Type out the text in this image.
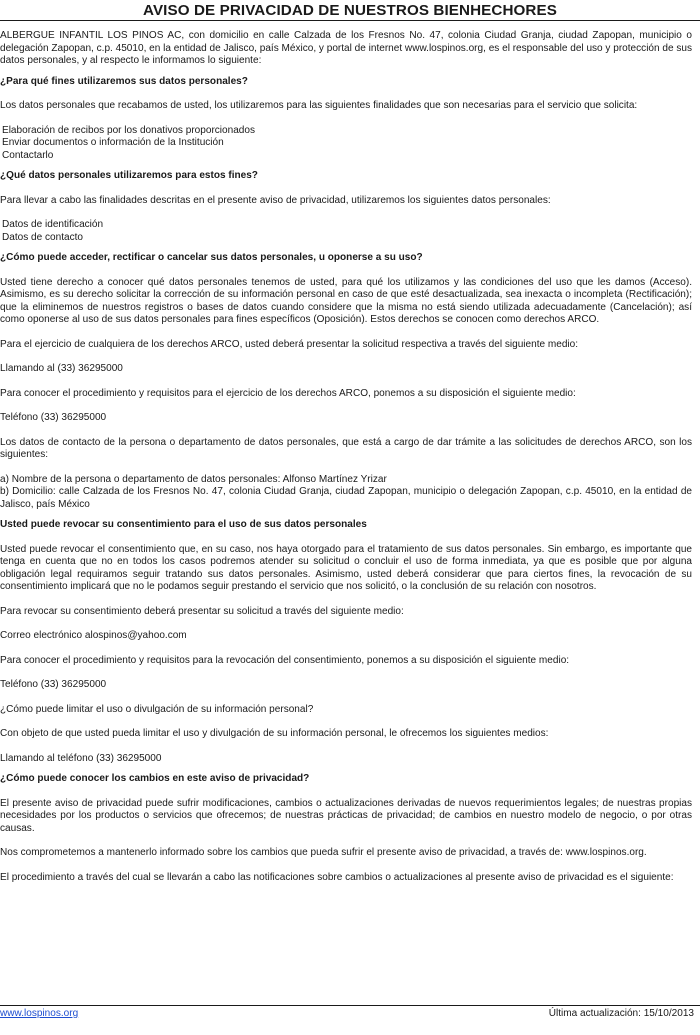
AVISO DE PRIVACIDAD DE NUESTROS BIENHECHORES

ALBERGUE INFANTIL LOS PINOS AC, con domicilio en calle Calzada de los Fresnos No. 47, colonia Ciudad Granja, ciudad Zapopan, municipio o delegación Zapopan, c.p. 45010, en la entidad de Jalisco, país México, y portal de internet www.lospinos.org, es el responsable del uso y protección de sus datos personales, y al respecto le informamos lo siguiente:

¿Para qué fines utilizaremos sus datos personales?

Los datos personales que recabamos de usted, los utilizaremos para las siguientes finalidades que son necesarias para el servicio que solicita:

Elaboración de recibos por los donativos proporcionados
Enviar documentos o información de la Institución
Contactarlo

¿Qué datos personales utilizaremos para estos fines?

Para llevar a cabo las finalidades descritas en el presente aviso de privacidad, utilizaremos los siguientes datos personales:

Datos de identificación
Datos de contacto

¿Cómo puede acceder, rectificar o cancelar sus datos personales, u oponerse a su uso?

Usted tiene derecho a conocer qué datos personales tenemos de usted, para qué los utilizamos y las condiciones del uso que les damos (Acceso). Asimismo, es su derecho solicitar la corrección de su información personal en caso de que esté desactualizada, sea inexacta o incompleta (Rectificación); que la eliminemos de nuestros registros o bases de datos cuando considere que la misma no está siendo utilizada adecuadamente (Cancelación); así como oponerse al uso de sus datos personales para fines específicos (Oposición). Estos derechos se conocen como derechos ARCO.

Para el ejercicio de cualquiera de los derechos ARCO, usted deberá presentar la solicitud respectiva a través del siguiente medio:

Llamando al (33) 36295000

Para conocer el procedimiento y requisitos para el ejercicio de los derechos ARCO, ponemos a su disposición el siguiente medio:

Teléfono (33) 36295000

Los datos de contacto de la persona o departamento de datos personales, que está a cargo de dar trámite a las solicitudes de derechos ARCO, son los siguientes:

a) Nombre de la persona o departamento de datos personales: Alfonso Martínez Yrizar

b) Domicilio: calle Calzada de los Fresnos No. 47, colonia Ciudad Granja, ciudad Zapopan, municipio o delegación Zapopan, c.p. 45010, en la entidad de Jalisco, país México

Usted puede revocar su consentimiento para el uso de sus datos personales

Usted puede revocar el consentimiento que, en su caso, nos haya otorgado para el tratamiento de sus datos personales. Sin embargo, es importante que tenga en cuenta que no en todos los casos podremos atender su solicitud o concluir el uso de forma inmediata, ya que es posible que por alguna obligación legal requiramos seguir tratando sus datos personales. Asimismo, usted deberá considerar que para ciertos fines, la revocación de su consentimiento implicará que no le podamos seguir prestando el servicio que nos solicitó, o la conclusión de su relación con nosotros.

Para revocar su consentimiento deberá presentar su solicitud a través del siguiente medio:

Correo electrónico alospinos@yahoo.com

Para conocer el procedimiento y requisitos para la revocación del consentimiento, ponemos a su disposición el siguiente medio:

Teléfono (33) 36295000

¿Cómo puede limitar el uso o divulgación de su información personal?

Con objeto de que usted pueda limitar el uso y divulgación de su información personal, le ofrecemos los siguientes medios:

Llamando al teléfono (33) 36295000

¿Cómo puede conocer los cambios en este aviso de privacidad?

El presente aviso de privacidad puede sufrir modificaciones, cambios o actualizaciones derivadas de nuevos requerimientos legales; de nuestras propias necesidades por los productos o servicios que ofrecemos; de nuestras prácticas de privacidad; de cambios en nuestro modelo de negocio, o por otras causas.

Nos comprometemos a mantenerlo informado sobre los cambios que pueda sufrir el presente aviso de privacidad, a través de: www.lospinos.org.

El procedimiento a través del cual se llevarán a cabo las notificaciones sobre cambios o actualizaciones al presente aviso de privacidad es el siguiente:

www.lospinos.org	Última actualización: 15/10/2013
